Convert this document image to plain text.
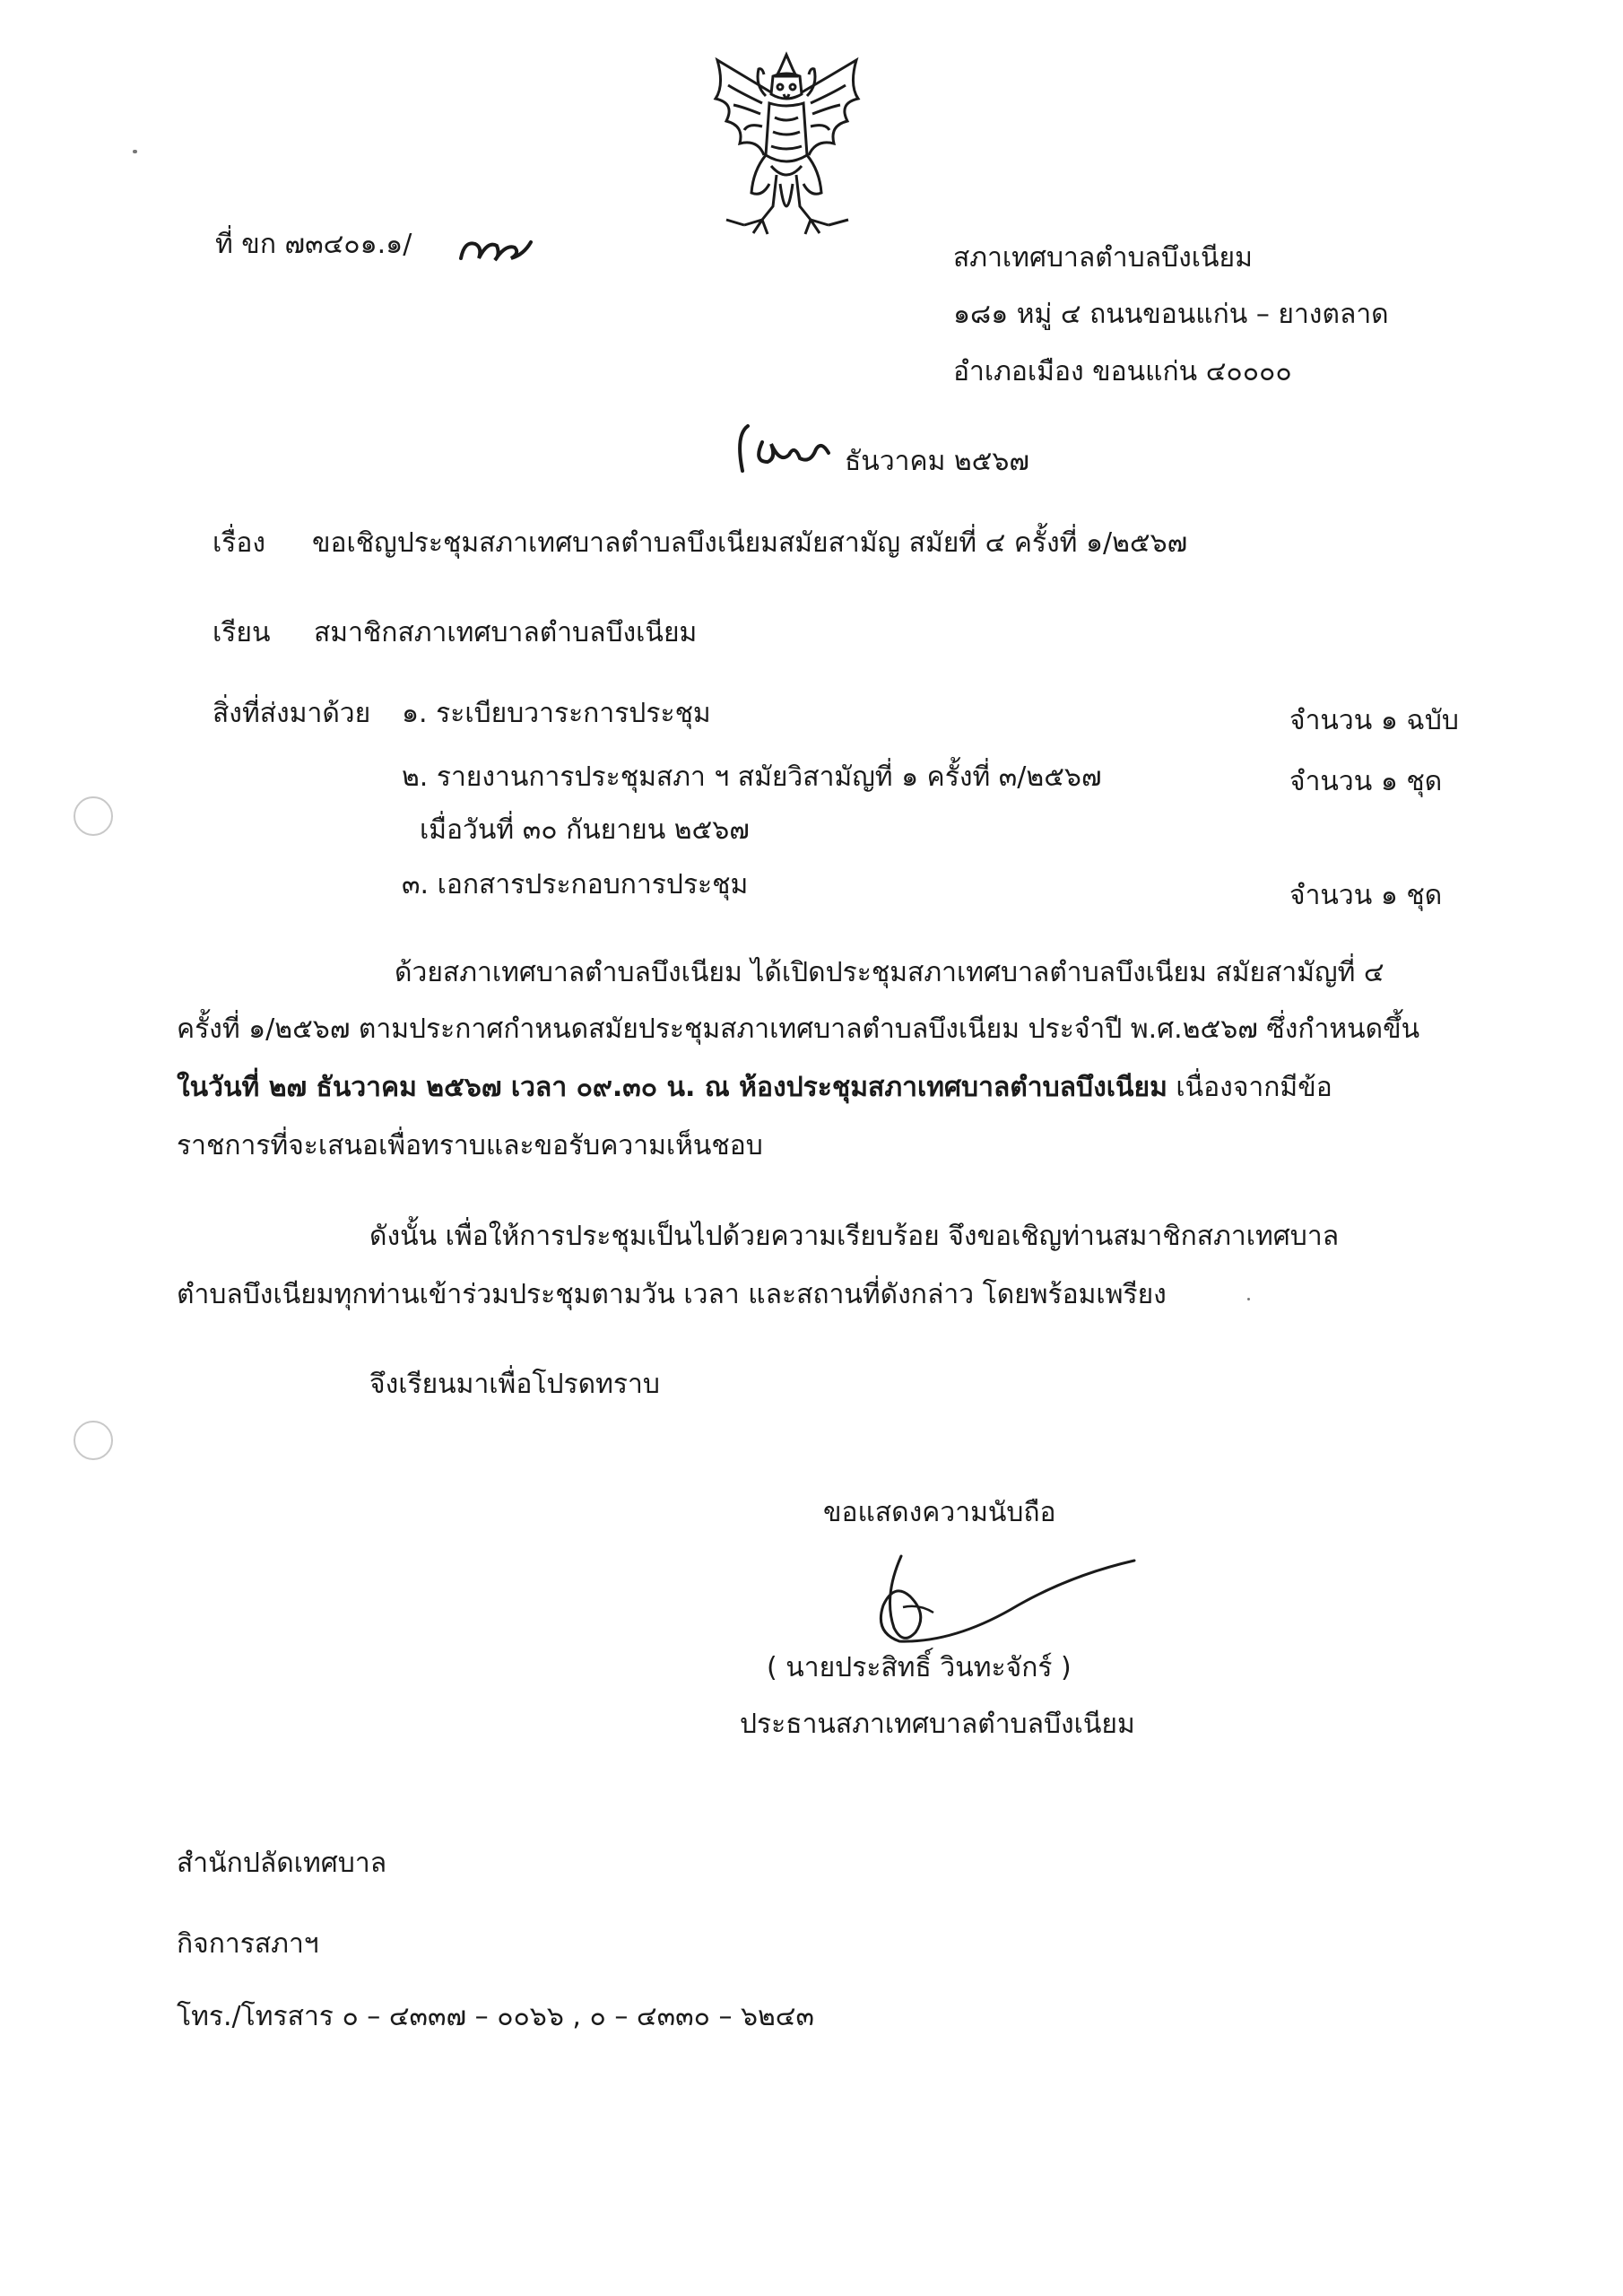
ที่ ขก ๗๓๔๐๑.๑/	สภาเทศบาลตำบลบึงเนียม
๑๘๑ หมู่ ๔ ถนนขอนแก่น – ยางตลาด
อำเภอเมือง ขอนแก่น ๔๐๐๐๐
ธันวาคม ๒๕๖๗
เรื่อง ขอเชิญประชุมสภาเทศบาลตำบลบึงเนียมสมัยสามัญ สมัยที่ ๔ ครั้งที่ ๑/๒๕๖๗
เรียน สมาชิกสภาเทศบาลตำบลบึงเนียม
สิ่งที่ส่งมาด้วย ๑. ระเบียบวาระการประชุม	จำนวน ๑ ฉบับ
๒. รายงานการประชุมสภา ฯ สมัยวิสามัญที่ ๑ ครั้งที่ ๓/๒๕๖๗	จำนวน ๑ ชุด
เมื่อวันที่ ๓๐ กันยายน ๒๕๖๗
๓. เอกสารประกอบการประชุม	จำนวน ๑ ชุด
ด้วยสภาเทศบาลตำบลบึงเนียม ได้เปิดประชุมสภาเทศบาลตำบลบึงเนียม สมัยสามัญที่ ๔
ครั้งที่ ๑/๒๕๖๗ ตามประกาศกำหนดสมัยประชุมสภาเทศบาลตำบลบึงเนียม ประจำปี พ.ศ.๒๕๖๗ ซึ่งกำหนดขึ้น
ในวันที่ ๒๗ ธันวาคม ๒๕๖๗ เวลา ๐๙.๓๐ น. ณ ห้องประชุมสภาเทศบาลตำบลบึงเนียม เนื่องจากมีข้อ
ราชการที่จะเสนอเพื่อทราบและขอรับความเห็นชอบ
ดังนั้น เพื่อให้การประชุมเป็นไปด้วยความเรียบร้อย จึงขอเชิญท่านสมาชิกสภาเทศบาล
ตำบลบึงเนียมทุกท่านเข้าร่วมประชุมตามวัน เวลา และสถานที่ดังกล่าว โดยพร้อมเพรียง
จึงเรียนมาเพื่อโปรดทราบ
ขอแสดงความนับถือ
( นายประสิทธิ์ วินทะจักร์ )
ประธานสภาเทศบาลตำบลบึงเนียม
สำนักปลัดเทศบาล
กิจการสภาฯ
โทร./โทรสาร ๐ – ๔๓๓๗ – ๐๐๖๖ , ๐ – ๔๓๓๐ – ๖๒๔๓
